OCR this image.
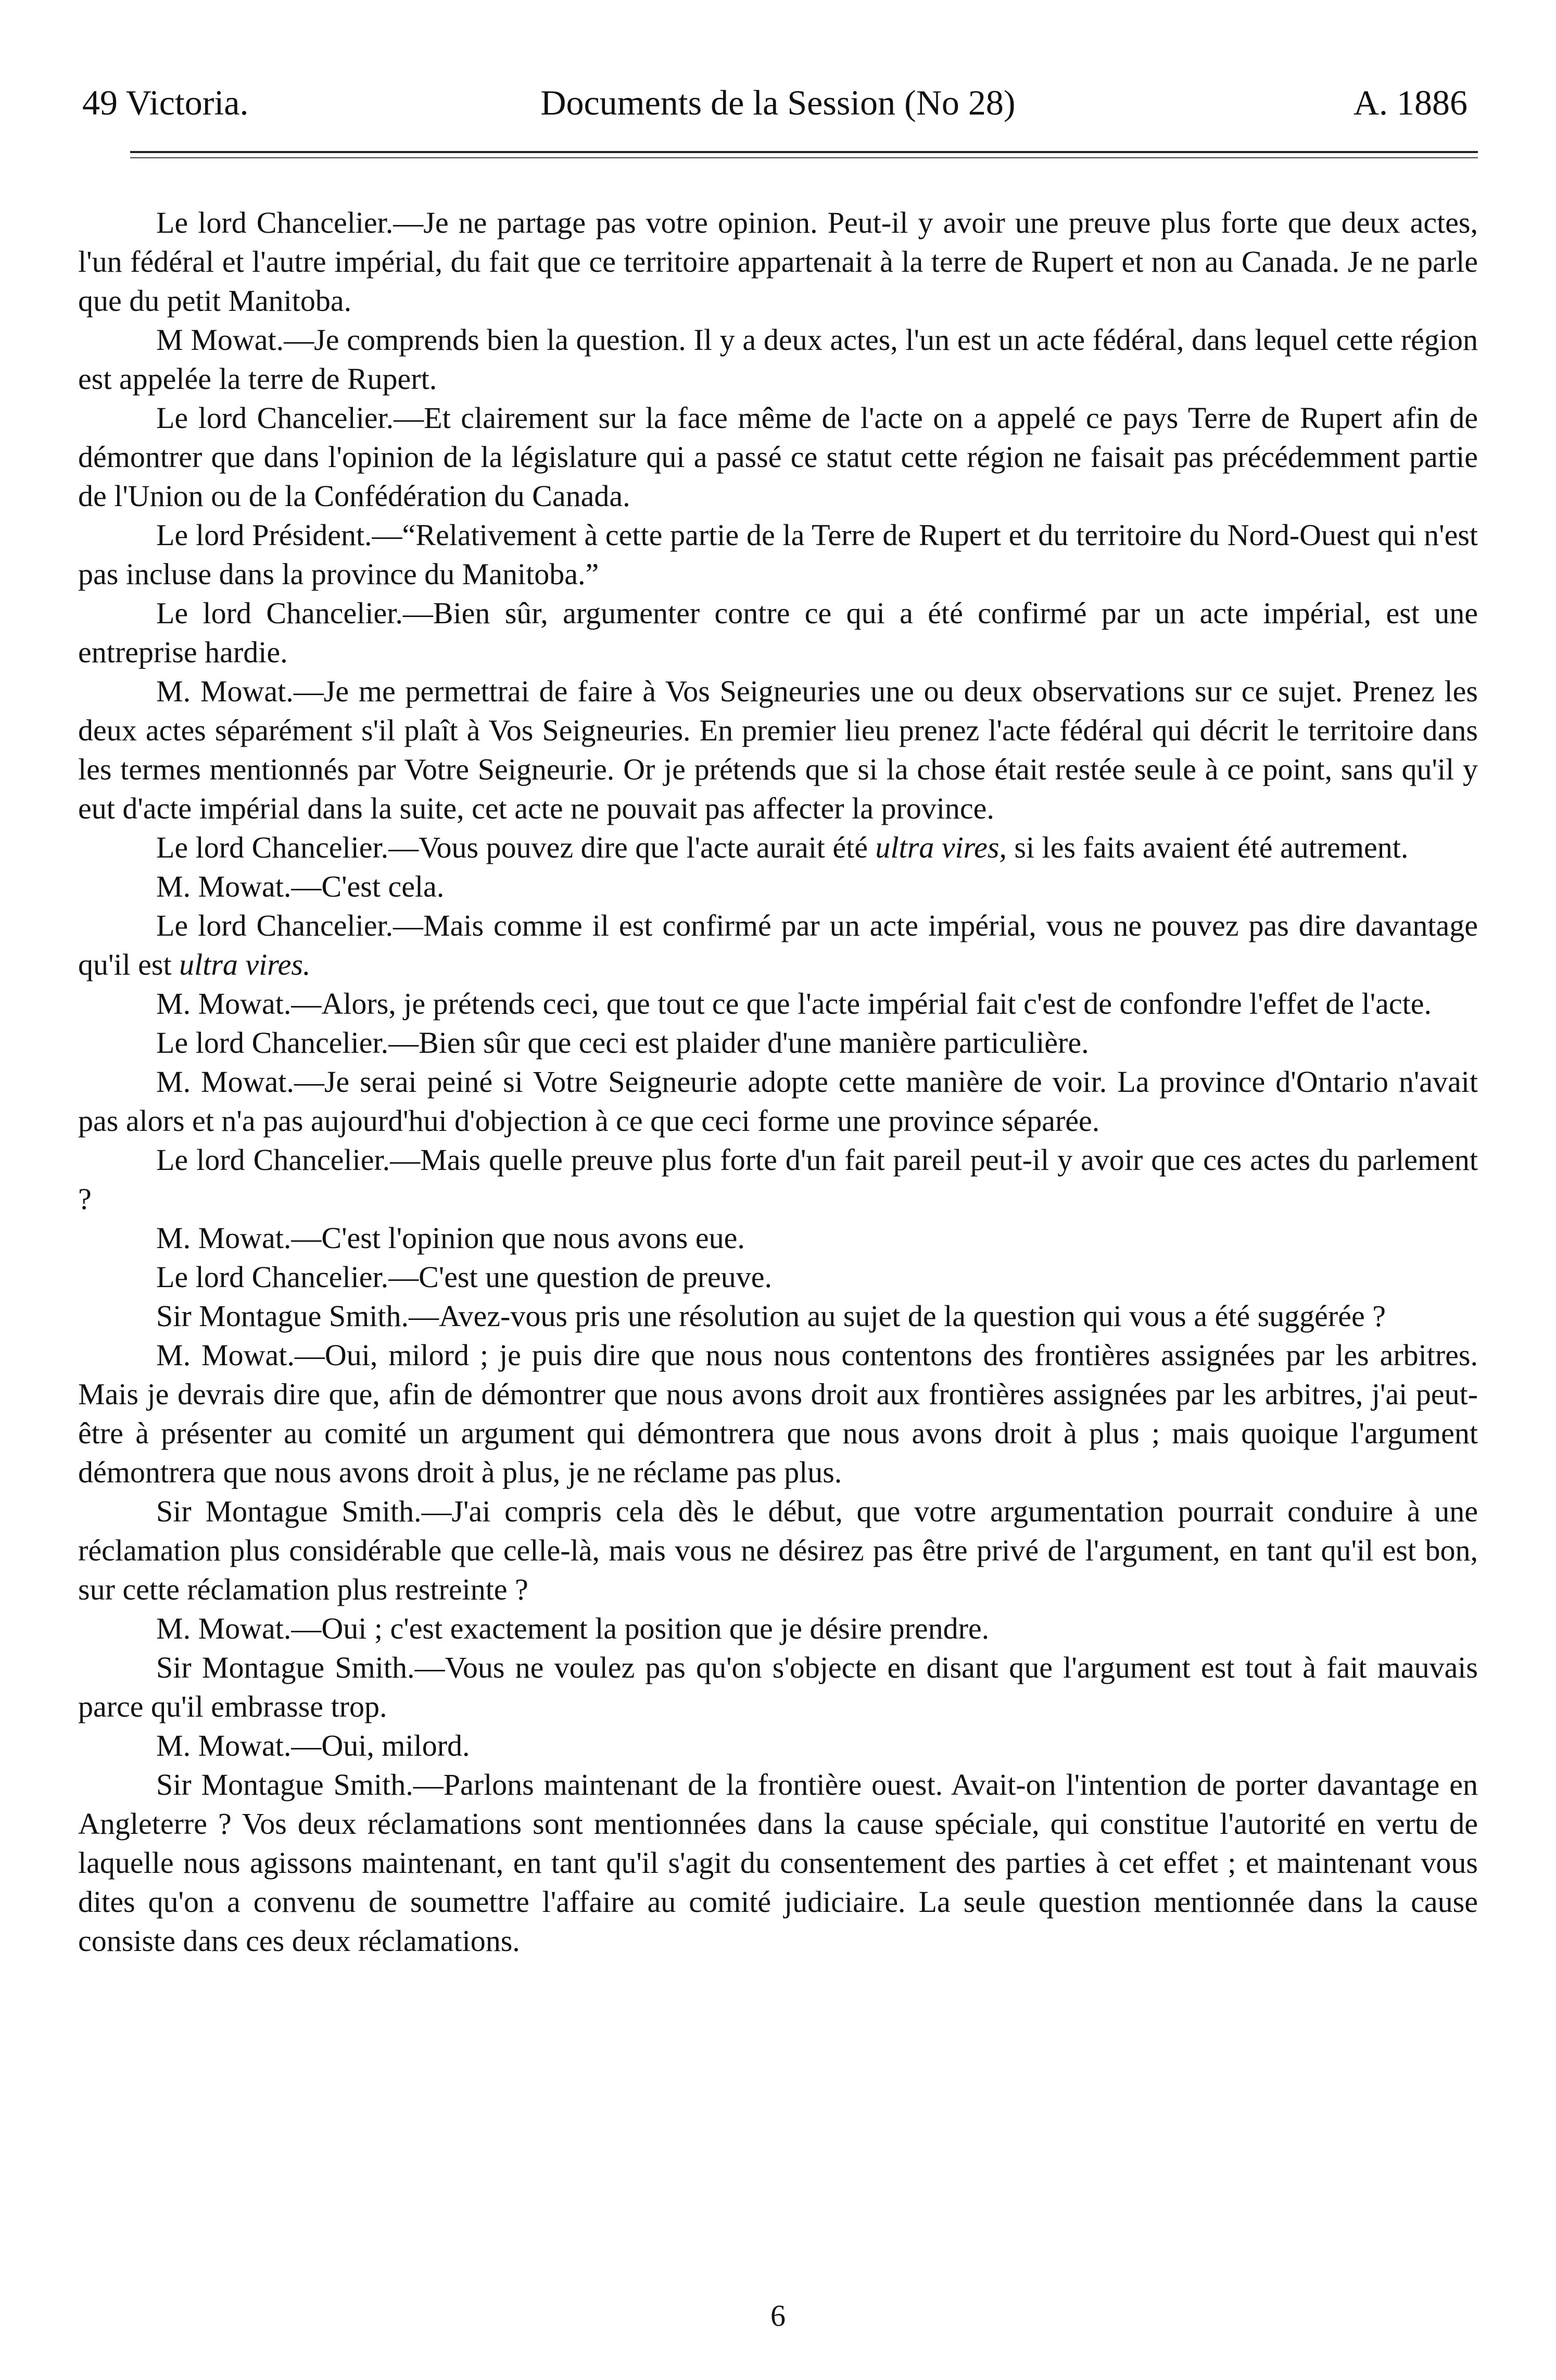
49 Victoria.	Documents de la Session (No 28)	A. 1886

Le lord Chancelier.—Je ne partage pas votre opinion. Peut-il y avoir une preuve plus forte que deux actes, l'un fédéral et l'autre impérial, du fait que ce territoire appartenait à la terre de Rupert et non au Canada. Je ne parle que du petit Manitoba.

M Mowat.—Je comprends bien la question. Il y a deux actes, l'un est un acte fédéral, dans lequel cette région est appelée la terre de Rupert.

Le lord Chancelier.—Et clairement sur la face même de l'acte on a appelé ce pays Terre de Rupert afin de démontrer que dans l'opinion de la législature qui a passé ce statut cette région ne faisait pas précédemment partie de l'Union ou de la Confédération du Canada.

Le lord Président.—“Relativement à cette partie de la Terre de Rupert et du territoire du Nord-Ouest qui n'est pas incluse dans la province du Manitoba.”

Le lord Chancelier.—Bien sûr, argumenter contre ce qui a été confirmé par un acte impérial, est une entreprise hardie.

M. Mowat.—Je me permettrai de faire à Vos Seigneuries une ou deux observations sur ce sujet. Prenez les deux actes séparément s'il plaît à Vos Seigneuries. En premier lieu prenez l'acte fédéral qui décrit le territoire dans les termes mentionnés par Votre Seigneurie. Or je prétends que si la chose était restée seule à ce point, sans qu'il y eut d'acte impérial dans la suite, cet acte ne pouvait pas affecter la province.

Le lord Chancelier.—Vous pouvez dire que l'acte aurait été ultra vires, si les faits avaient été autrement.

M. Mowat.—C'est cela.

Le lord Chancelier.—Mais comme il est confirmé par un acte impérial, vous ne pouvez pas dire davantage qu'il est ultra vires.

M. Mowat.—Alors, je prétends ceci, que tout ce que l'acte impérial fait c'est de confondre l'effet de l'acte.

Le lord Chancelier.—Bien sûr que ceci est plaider d'une manière particulière.

M. Mowat.—Je serai peiné si Votre Seigneurie adopte cette manière de voir. La province d'Ontario n'avait pas alors et n'a pas aujourd'hui d'objection à ce que ceci forme une province séparée.

Le lord Chancelier.—Mais quelle preuve plus forte d'un fait pareil peut-il y avoir que ces actes du parlement ?

M. Mowat.—C'est l'opinion que nous avons eue.

Le lord Chancelier.—C'est une question de preuve.

Sir Montague Smith.—Avez-vous pris une résolution au sujet de la question qui vous a été suggérée ?

M. Mowat.—Oui, milord ; je puis dire que nous nous contentons des frontières assignées par les arbitres. Mais je devrais dire que, afin de démontrer que nous avons droit aux frontières assignées par les arbitres, j'ai peut-être à présenter au comité un argument qui démontrera que nous avons droit à plus ; mais quoique l'argument démontrera que nous avons droit à plus, je ne réclame pas plus.

Sir Montague Smith.—J'ai compris cela dès le début, que votre argumentation pourrait conduire à une réclamation plus considérable que celle-là, mais vous ne désirez pas être privé de l'argument, en tant qu'il est bon, sur cette réclamation plus restreinte ?

M. Mowat.—Oui ; c'est exactement la position que je désire prendre.

Sir Montague Smith.—Vous ne voulez pas qu'on s'objecte en disant que l'argument est tout à fait mauvais parce qu'il embrasse trop.

M. Mowat.—Oui, milord.

Sir Montague Smith.—Parlons maintenant de la frontière ouest. Avait-on l'intention de porter davantage en Angleterre ? Vos deux réclamations sont mentionnées dans la cause spéciale, qui constitue l'autorité en vertu de laquelle nous agissons maintenant, en tant qu'il s'agit du consentement des parties à cet effet ; et maintenant vous dites qu'on a convenu de soumettre l'affaire au comité judiciaire. La seule question mentionnée dans la cause consiste dans ces deux réclamations.

6
